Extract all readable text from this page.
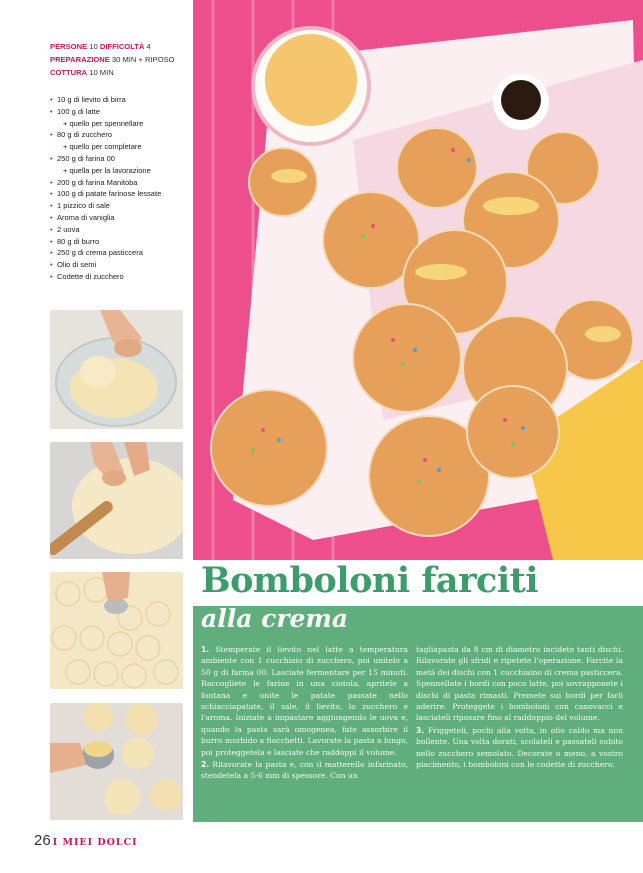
PERSONE 10 DIFFICOLTÀ 4
PREPARAZIONE 30 MIN + RIPOSO
COTTURA 10 MIN
• 10 g di lievito di birra
• 100 g di latte
+ quello per spennellare
• 80 g di zucchero
+ quello per completare
• 250 g di farina 00
+ quella per la lavorazione
• 200 g di farina Manitoba
• 100 g di patate farinose lessate
• 1 pizzico di sale
• Aroma di vaniglia
• 2 uova
• 80 g di burro
• 250 g di crema pasticcera
• Olio di semi
• Codette di zucchero
Bomboloni farciti
alla crema

1. Stemperate il lievito nel latte a temperatura ambiente con 1 cucchiaio di zucchero, poi unitelo a 50 g di farina 00. Lasciate fermentare per 15 minuti. Raccogliete le farine in una ciotola, apritele a fontana e unite le patate passate nello schiacciapatate, il sale, il lievito, lo zucchero e l'aroma. Iniziate a impastare aggiungendo le uova e, quando la pasta sarà omogenea, fate assorbire il burro morbido a fiocchetti. Lavorate la pasta a lungo, poi proteggetela e lasciate che raddoppi il volume.

2. Rilavorate la pasta e, con il matterello infarinato, stendetela a 5-6 mm di spessore. Con un

tagliapasta da 8 cm di diametro incidete tanti dischi. Rilavorate gli sfridi e ripetete l'operazione. Farcite la metà dei dischi con 1 cucchiaino di crema pasticcera. Spennellate i bordi con poco latte, poi sovrapponete i dischi di pasta rimasti. Premete sui bordi per farli aderire. Proteggete i bomboloni con canovacci e lasciateli riposare fino al raddoppio del volume.

3. Friggeteli, pochi alla volta, in olio caldo ma non bollente. Una volta dorati, scolateli e passateli subito nello zucchero semolato. Decorate o meno, a vostro piacimento, i bomboloni con le codette di zucchero.

26 I MIEI DOLCI
